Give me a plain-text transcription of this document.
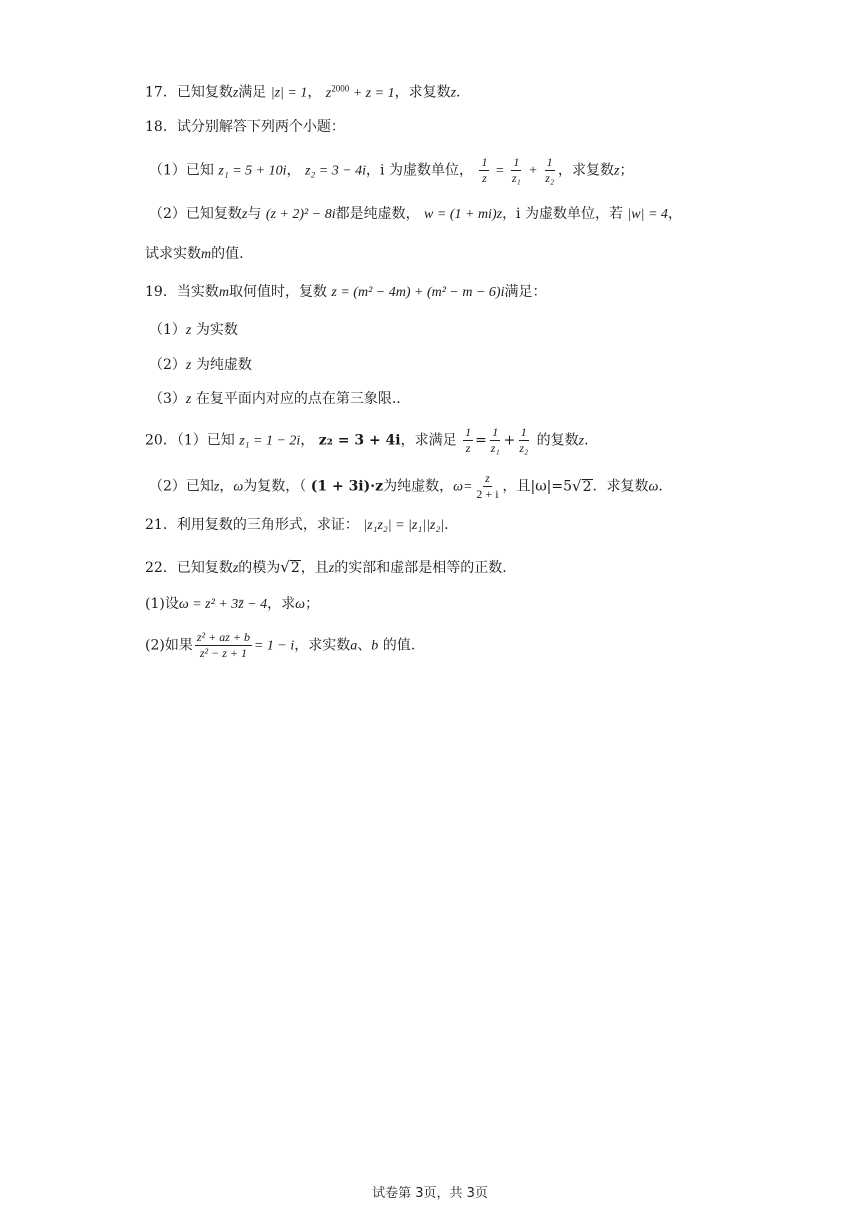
17．已知复数z满足 |z| = 1， $z^{2000} + z = 1$，求复数z.
18．试分别解答下列两个小题：
（1）已知 z₁ = 5 + 10i， z₂ = 3 − 4i，i 为虚数单位， $\frac{1}{z} = \frac{1}{\text{z₁}} + \frac{1}{\text{z₂}}$ ，求复数z；
（2）已知复数z与 (z + 2)² − 8i都是纯虚数， w = (1 + mi)z，i 为虚数单位，若 |w| = 4，
试求实数m的值.
19．当实数m取何值时，复数 z = (m² − 4m) + (m² − m − 6)i满足：
（1）z 为实数
（2）z 为纯虚数
（3）z 在复平面内对应的点在第三象限..
20．（1）已知 z₁ = 1 − 2i， z₂ = 3 + 4i，求满足 $\frac{1}{z} = \frac{1}{\text{z₁}} + \frac{1}{\text{z₂}}$ 的复数z.
（2）已知z，ω为复数，（ (1 + 3i)·z为纯虚数，$\omega= \frac{z}{2 + i}$ ，且|ω|=5 √ 2 ．求复数ω.
21．利用复数的三角形式，求证： |z₁z₂| = |z₁||z₂|.
22．已知复数z的模为 √ 2 ，且z的实部和虚部是相等的正数.
(1)设ω = z² + 3z̄ − 4，求ω；
(2)如果 $\frac{\text{z² + az + b}}{\text{z² − z + 1}} = 1 - i$，求实数a、b 的值.
试卷第 3页，共 3页
